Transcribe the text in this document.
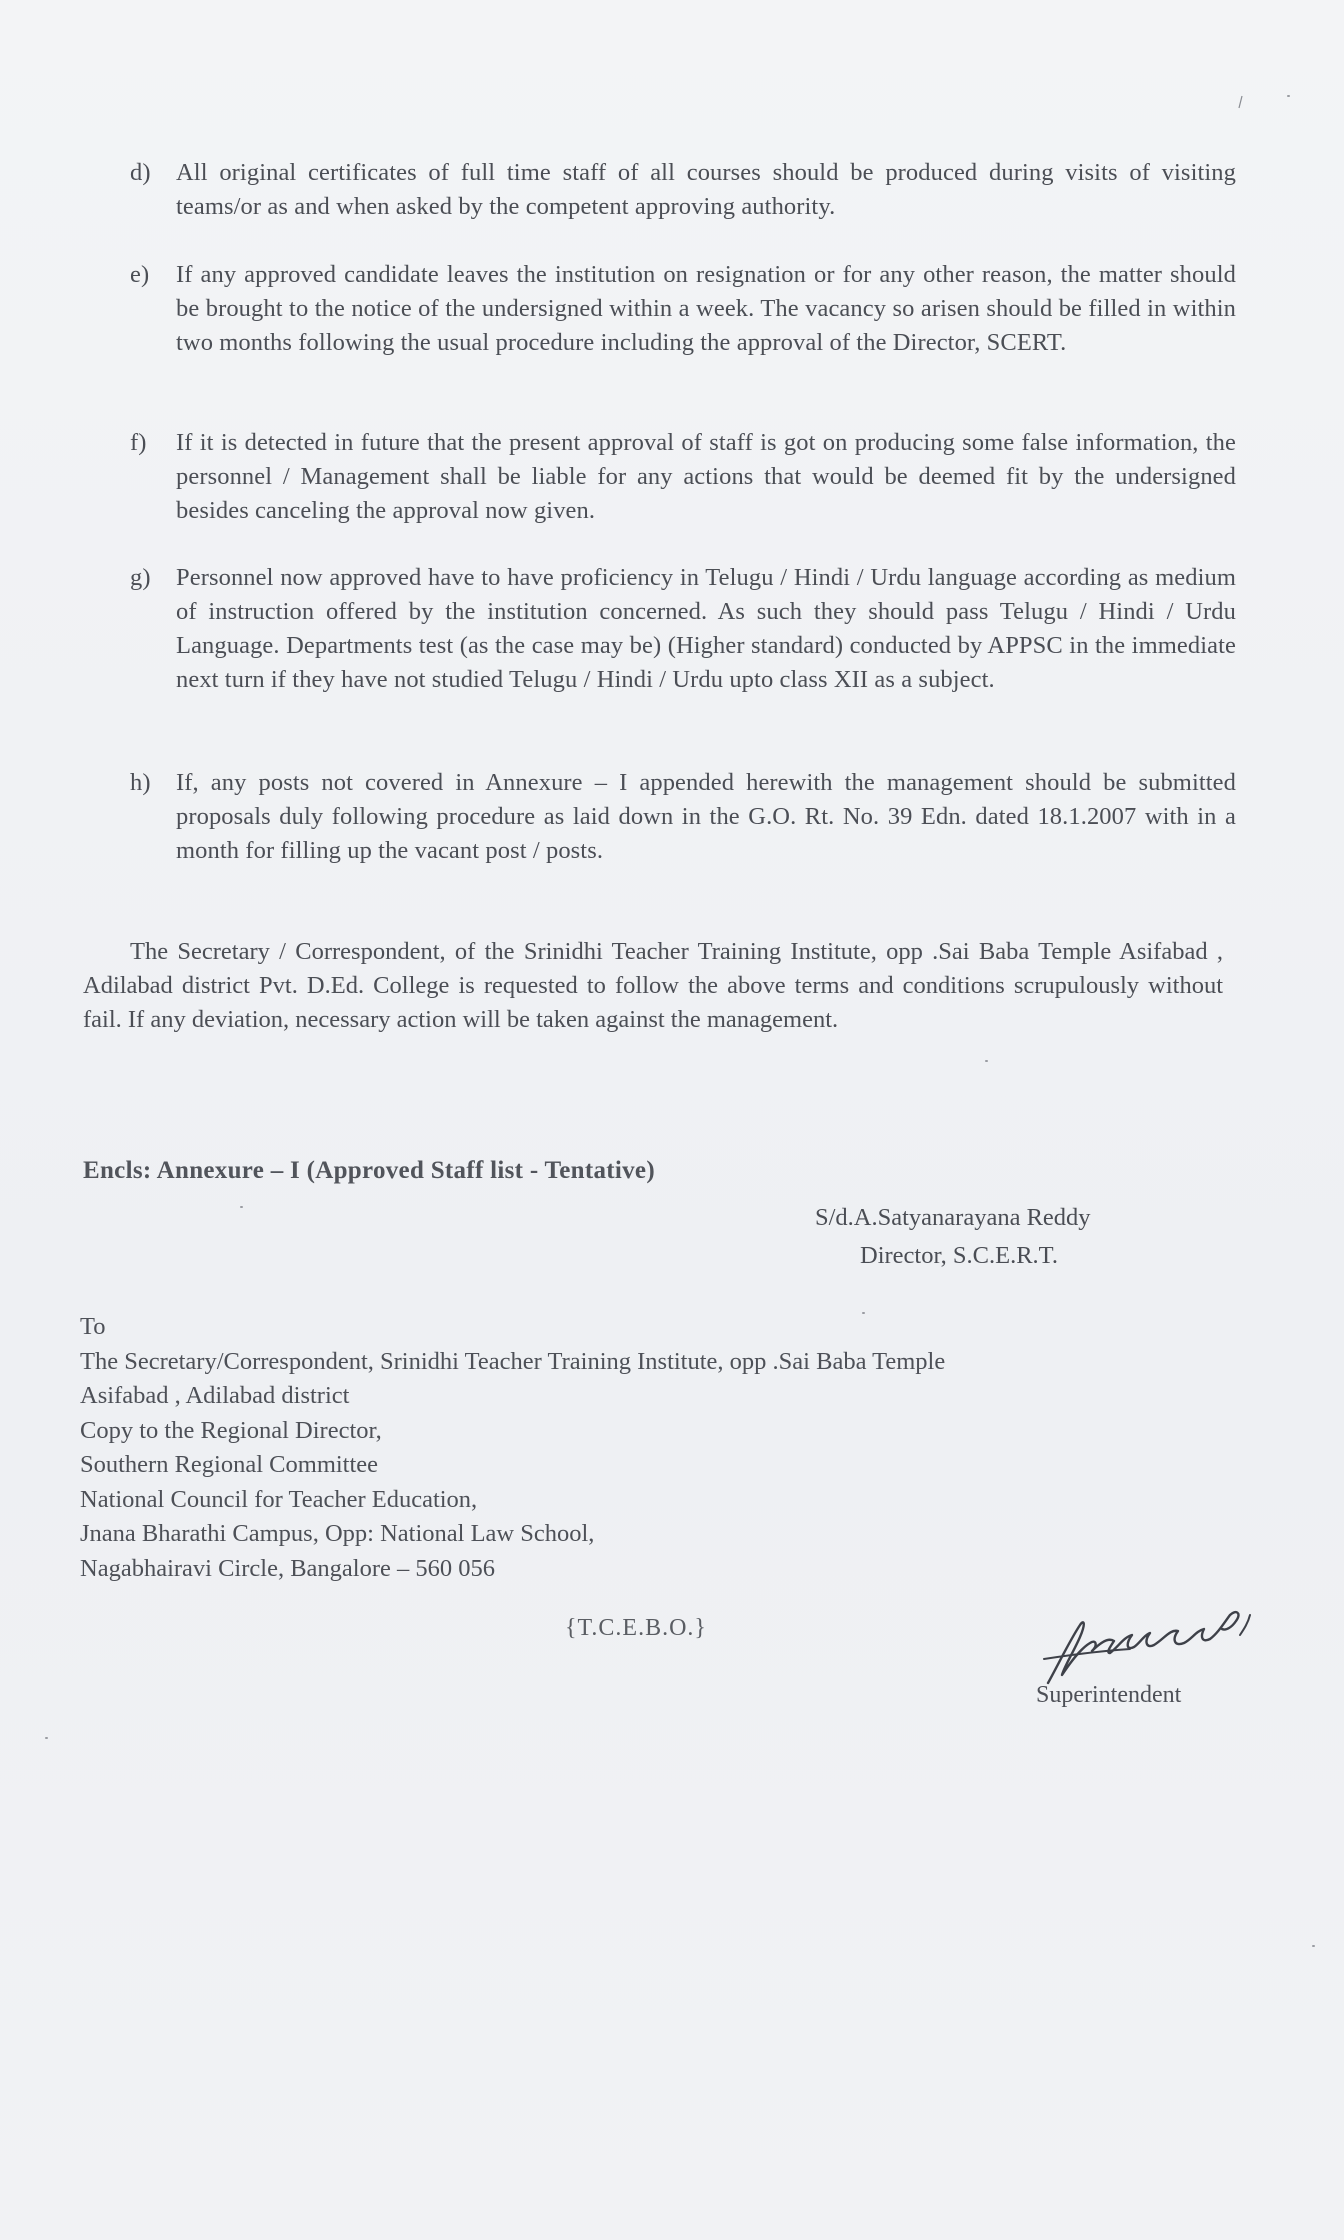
d)	All original certificates of full time staff of all courses should be produced during visits of visiting teams/or as and when asked by the competent approving authority.
e)	If any approved candidate leaves the institution on resignation or for any other reason, the matter should be brought to the notice of the undersigned within a week. The vacancy so arisen should be filled in within two months following the usual procedure including the approval of the Director, SCERT.
f)	If it is detected in future that the present approval of staff is got on producing some false information, the personnel / Management shall be liable for any actions that would be deemed fit by the undersigned besides canceling the approval now given.
g)	Personnel now approved have to have proficiency in Telugu / Hindi / Urdu language according as medium of instruction offered by the institution concerned. As such they should pass Telugu / Hindi / Urdu Language. Departments test (as the case may be) (Higher standard) conducted by APPSC in the immediate next turn if they have not studied Telugu / Hindi / Urdu upto class XII as a subject.
h)	If, any posts not covered in Annexure – I appended herewith the management should be submitted proposals duly following procedure as laid down in the G.O. Rt. No. 39 Edn. dated 18.1.2007 with in a month for filling up the vacant post / posts.
The Secretary / Correspondent, of the Srinidhi Teacher Training Institute, opp .Sai Baba Temple Asifabad , Adilabad district Pvt. D.Ed. College is requested to follow the above terms and conditions scrupulously without fail. If any deviation, necessary action will be taken against the management.
Encls: Annexure – I (Approved Staff list - Tentative)
S/d.A.Satyanarayana Reddy
Director, S.C.E.R.T.
To
The Secretary/Correspondent, Srinidhi Teacher Training Institute, opp .Sai Baba Temple
Asifabad , Adilabad district
Copy to the Regional Director,
Southern Regional Committee
National Council for Teacher Education,
Jnana Bharathi Campus, Opp: National Law School,
Nagabhairavi Circle, Bangalore – 560 056
{T.C.E.B.O.}
Superintendent
